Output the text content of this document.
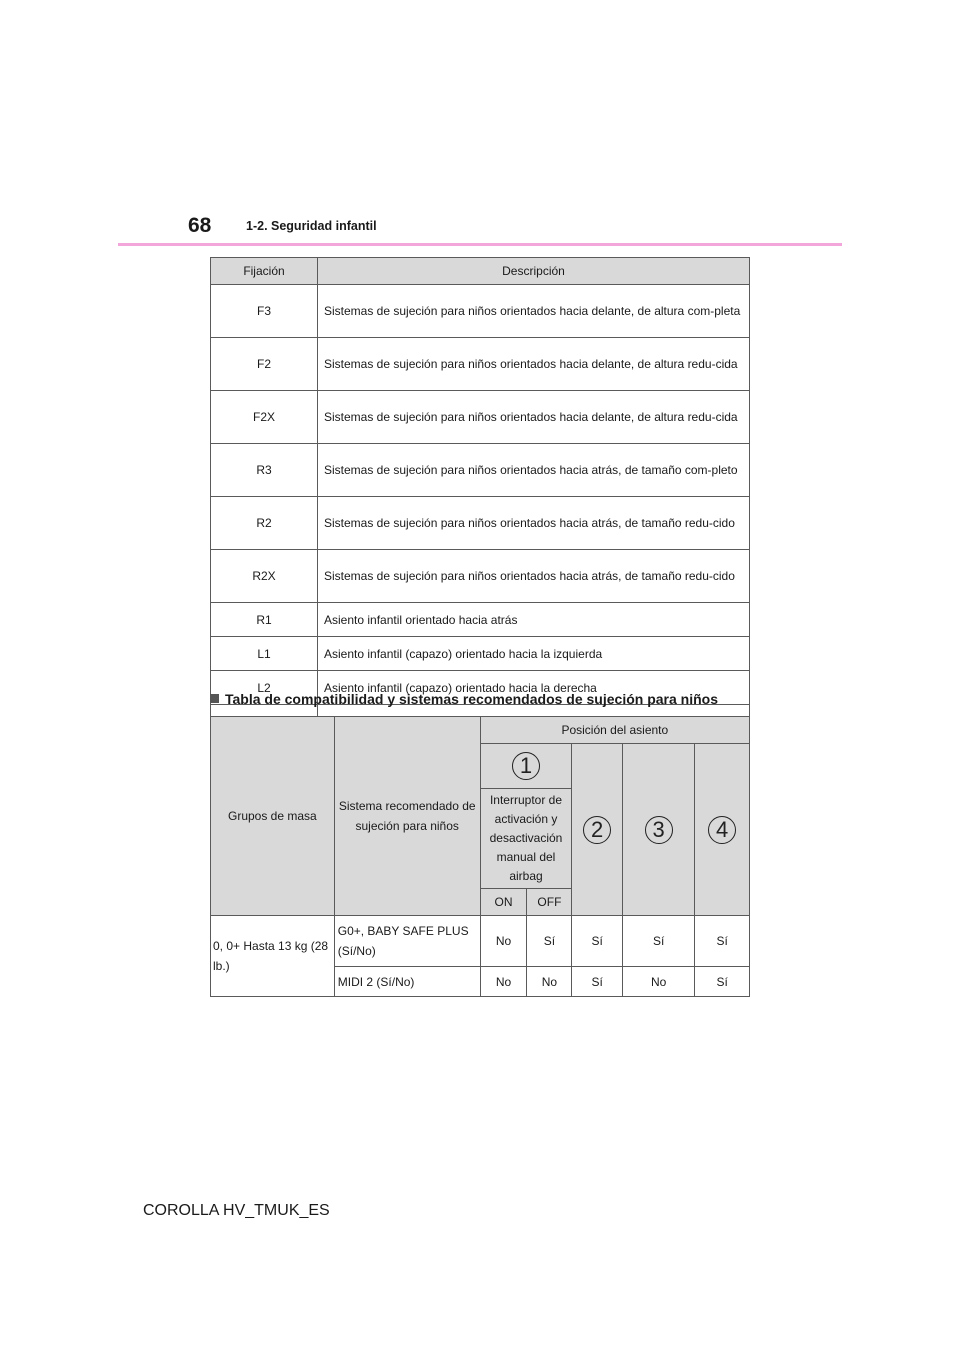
68	1-2. Seguridad infantil
Fijación	Descripción
F3	Sistemas de sujeción para niños orientados hacia delante, de altura com-pleta
F2	Sistemas de sujeción para niños orientados hacia delante, de altura redu-cida
F2X	Sistemas de sujeción para niños orientados hacia delante, de altura redu-cida
R3	Sistemas de sujeción para niños orientados hacia atrás, de tamaño com-pleto
R2	Sistemas de sujeción para niños orientados hacia atrás, de tamaño redu-cido
R2X	Sistemas de sujeción para niños orientados hacia atrás, de tamaño redu-cido
R1	Asiento infantil orientado hacia atrás
L1	Asiento infantil (capazo) orientado hacia la izquierda
L2	Asiento infantil (capazo) orientado hacia la derecha

Tabla de compatibilidad y sistemas recomendados de sujeción para niños
Grupos de masa	Sistema recomendado de sujeción para niños	Posición del asiento				
		1		2	3	4
		Interruptor de activación y desactivación manual del airbag				
		ON	OFF			
0, 0+ Hasta 13 kg (28 lb.)	G0+, BABY SAFE PLUS (Sí/No)	No	Sí	Sí	Sí	Sí
	MIDI 2 (Sí/No)	No	No	Sí	No	Sí
COROLLA HV_TMUK_ES
